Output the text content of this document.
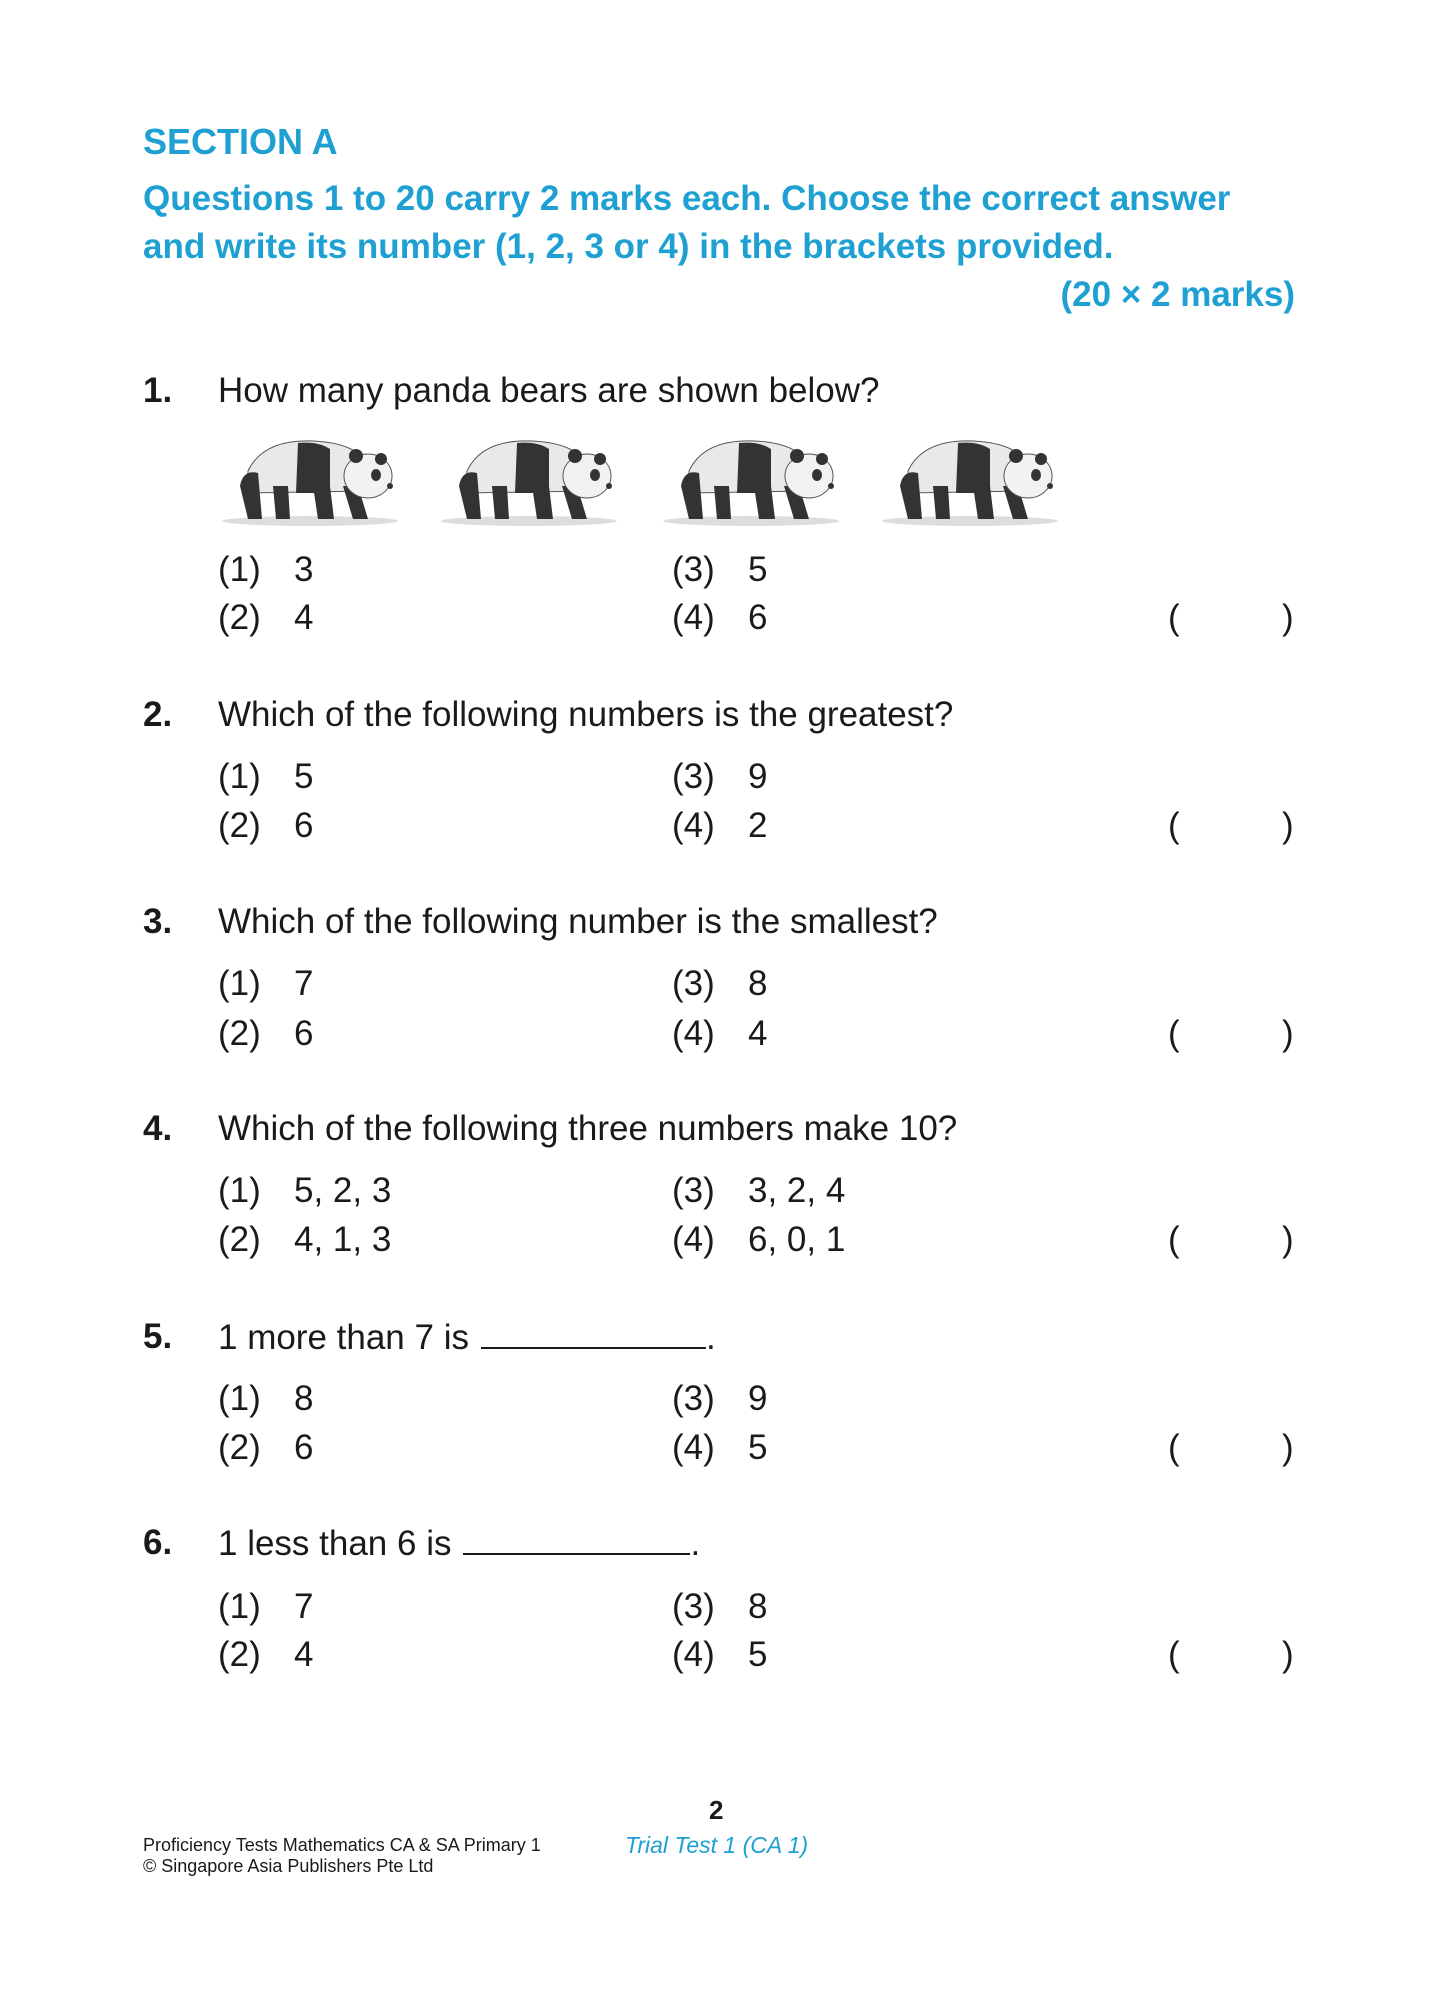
SECTION A
Questions 1 to 20 carry 2 marks each. Choose the correct answer
and write its number (1, 2, 3 or 4) in the brackets provided.
(20 × 2 marks)
1. How many panda bears are shown below?
(1) 3
(2) 4
(3) 5
(4) 6	(	)
2. Which of the following numbers is the greatest?
(1) 5
(2) 6
(3) 9
(4) 2	(	)
3. Which of the following number is the smallest?
(1) 7
(2) 6
(3) 8
(4) 4	(	)
4. Which of the following three numbers make 10?
(1) 5, 2, 3
(2) 4, 1, 3
(3) 3, 2, 4
(4) 6, 0, 1	(	)
5. 1 more than 7 is	.
(1) 8
(2) 6
(3) 9
(4) 5	(	)
6. 1 less than 6 is	.
(1) 7
(2) 4
(3) 8
(4) 5	(	)
2
Proficiency Tests Mathematics CA & SA Primary 1
© Singapore Asia Publishers Pte Ltd
Trial Test 1 (CA 1)
